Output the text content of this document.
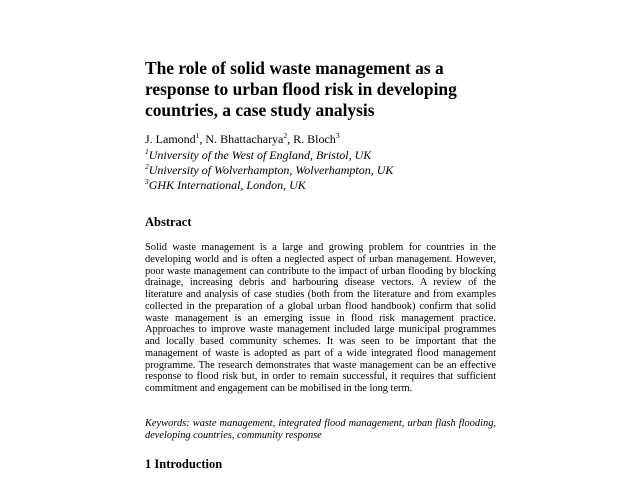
The role of solid waste management as a response to urban flood risk in developing countries, a case study analysis
J. Lamond$^1$, N. Bhattacharya$^2$, R. Bloch$^3$
$^1$University of the West of England, Bristol, UK
$^2$University of Wolverhampton, Wolverhampton, UK
$^3$GHK International, London, UK
Abstract

Solid waste management is a large and growing problem for countries in the developing world and is often a neglected aspect of urban management. However, poor waste management can contribute to the impact of urban flooding by blocking drainage, increasing debris and harbouring disease vectors. A review of the literature and analysis of case studies (both from the literature and from examples collected in the preparation of a global urban flood handbook) confirm that solid waste management is an emerging issue in flood risk management practice. Approaches to improve waste management included large municipal programmes and locally based community schemes. It was seen to be important that the management of waste is adopted as part of a wide integrated flood management programme. The research demonstrates that waste management can be an effective response to flood risk but, in order to remain successful, it requires that sufficient commitment and engagement can be mobilised in the long term.

Keywords: waste management, integrated flood management, urban flash flooding, developing countries, community response

1 Introduction
